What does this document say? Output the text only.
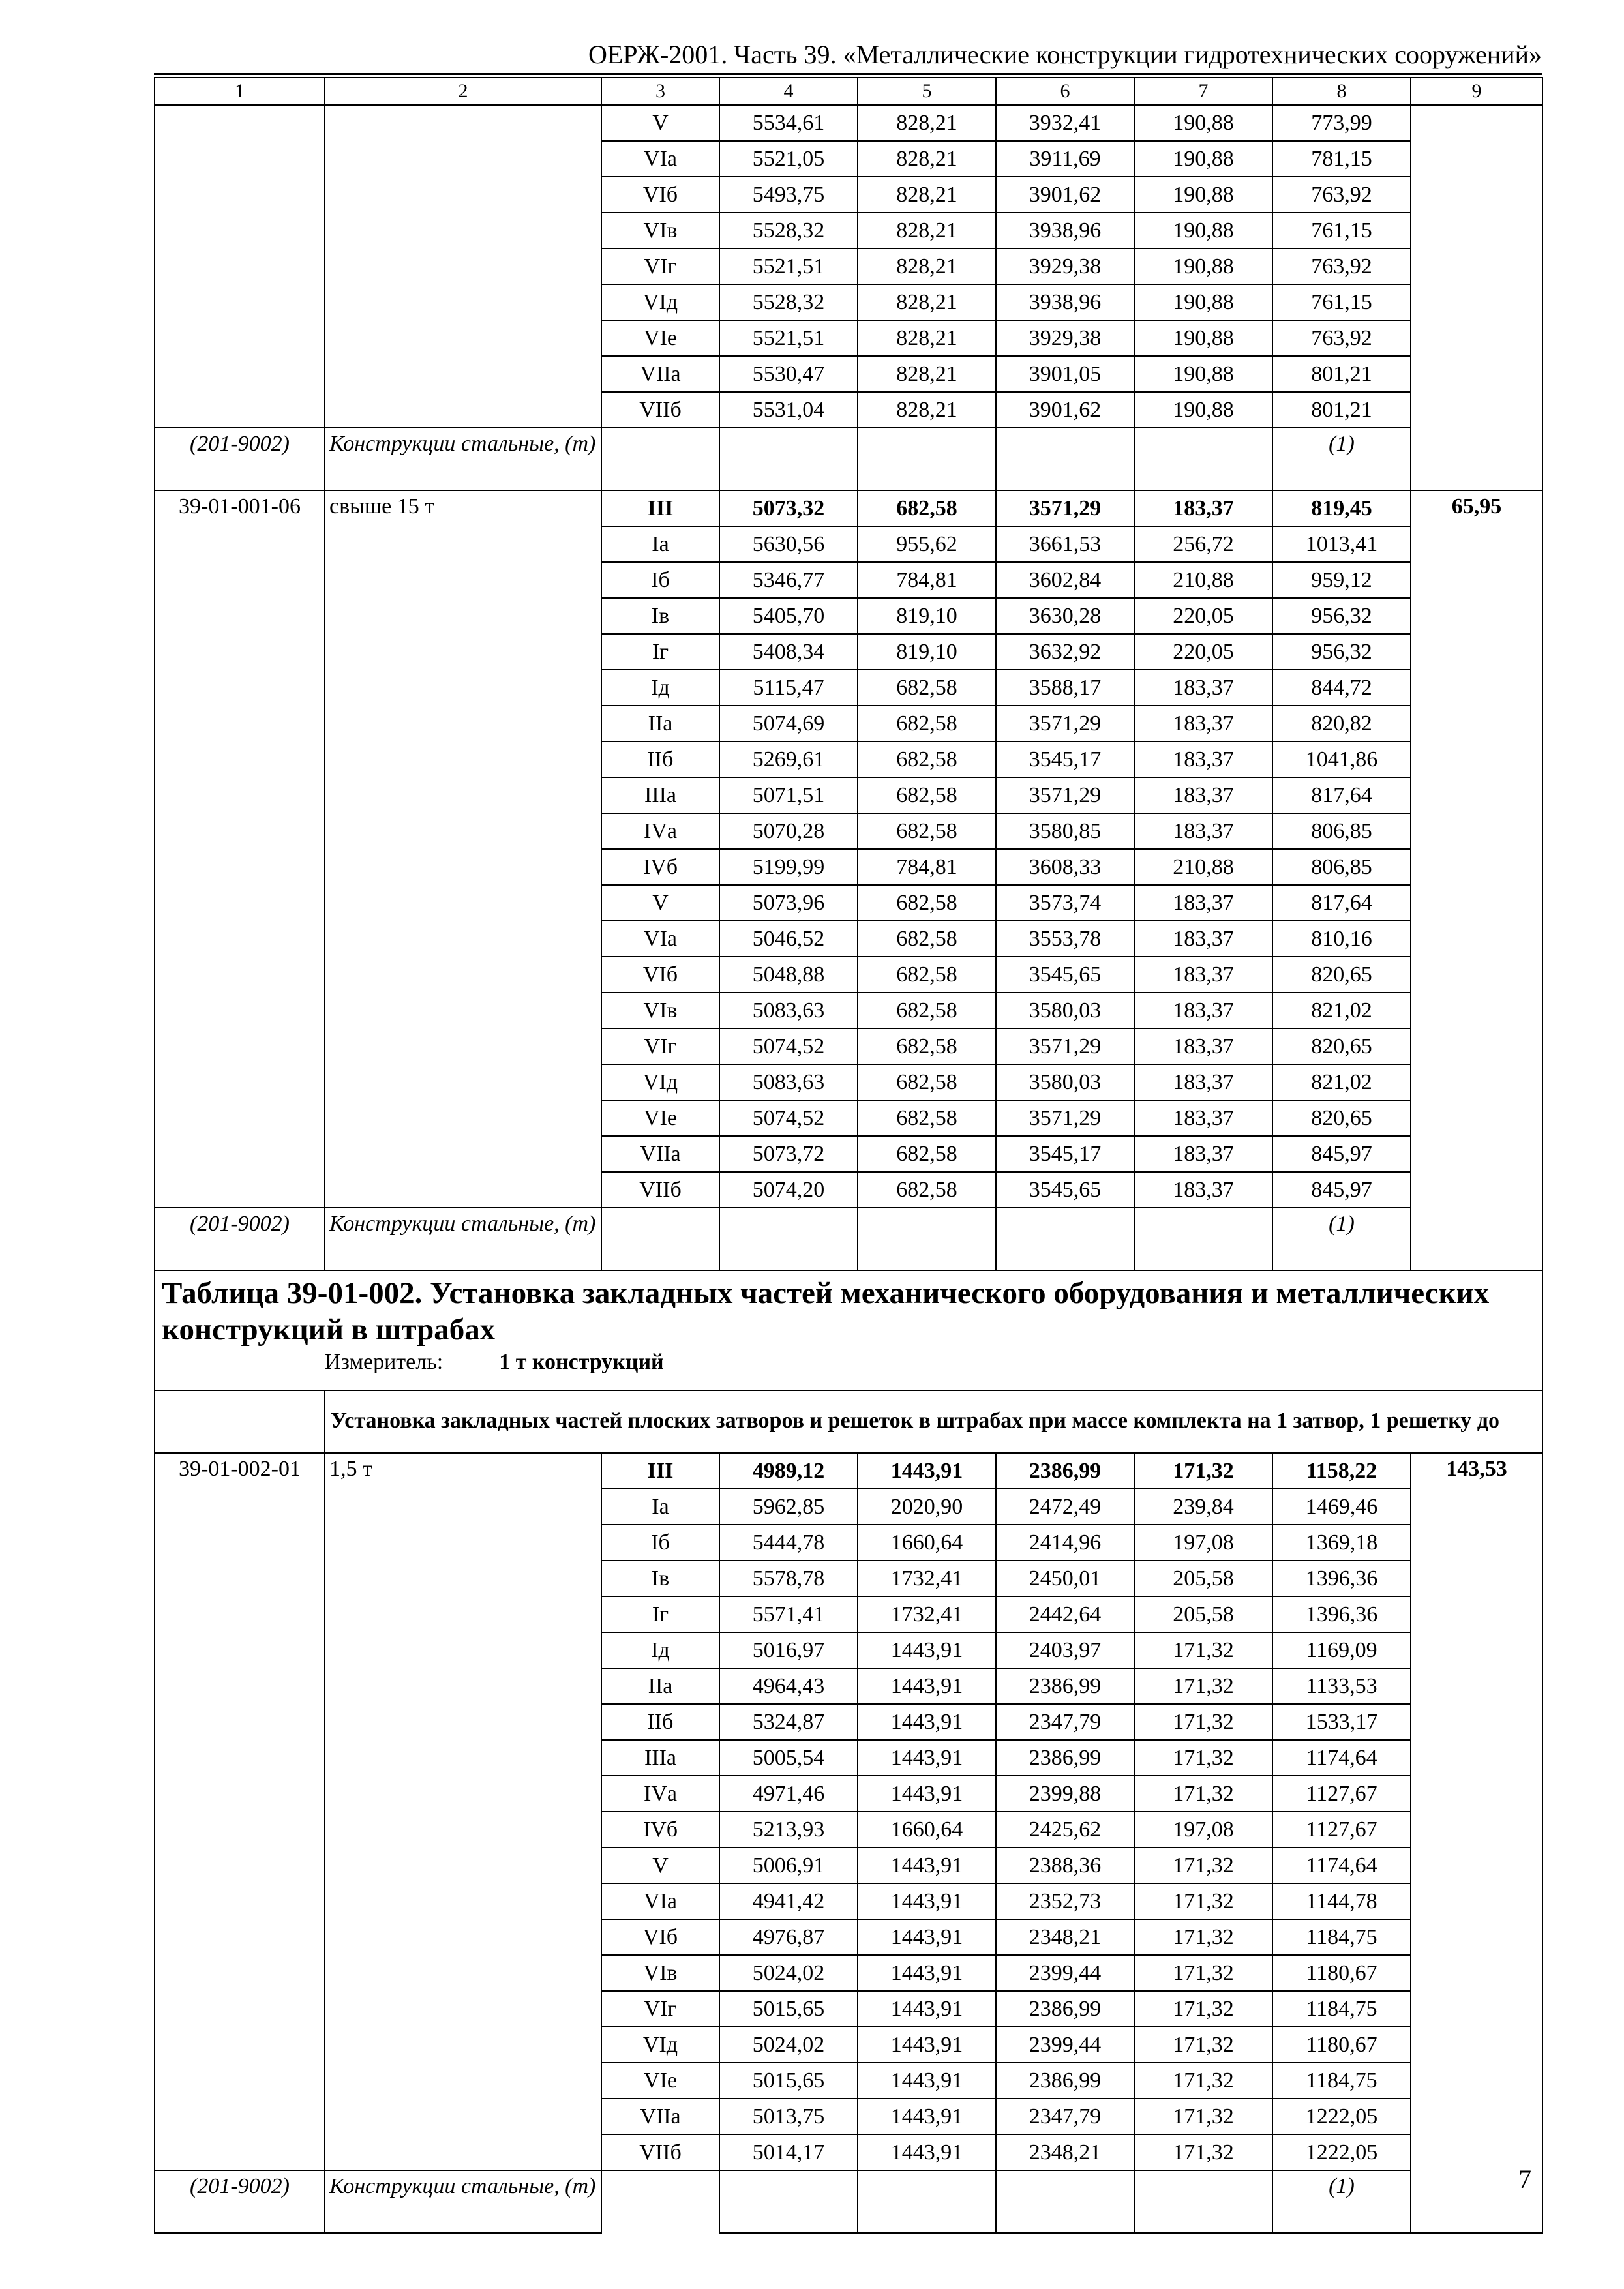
ОЕРЖ-2001. Часть 39. «Металлические конструкции гидротехнических сооружений»
1	2	3	4	5	6	7	8	9
		V	5534,61	828,21	3932,41	190,88	773,99	
		VIа	5521,05	828,21	3911,69	190,88	781,15	
		VIб	5493,75	828,21	3901,62	190,88	763,92	
		VIв	5528,32	828,21	3938,96	190,88	761,15	
		VIг	5521,51	828,21	3929,38	190,88	763,92	
		VIд	5528,32	828,21	3938,96	190,88	761,15	
		VIе	5521,51	828,21	3929,38	190,88	763,92	
		VIIа	5530,47	828,21	3901,05	190,88	801,21	
		VIIб	5531,04	828,21	3901,62	190,88	801,21	
(201-9002)	Конструкции стальные, (т)						(1)	
39-01-001-06	свыше 15 т	III	5073,32	682,58	3571,29	183,37	819,45	65,95
		Iа	5630,56	955,62	3661,53	256,72	1013,41	
		Iб	5346,77	784,81	3602,84	210,88	959,12	
		Iв	5405,70	819,10	3630,28	220,05	956,32	
		Iг	5408,34	819,10	3632,92	220,05	956,32	
		Iд	5115,47	682,58	3588,17	183,37	844,72	
		IIа	5074,69	682,58	3571,29	183,37	820,82	
		IIб	5269,61	682,58	3545,17	183,37	1041,86	
		IIIа	5071,51	682,58	3571,29	183,37	817,64	
		IVа	5070,28	682,58	3580,85	183,37	806,85	
		IVб	5199,99	784,81	3608,33	210,88	806,85	
		V	5073,96	682,58	3573,74	183,37	817,64	
		VIа	5046,52	682,58	3553,78	183,37	810,16	
		VIб	5048,88	682,58	3545,65	183,37	820,65	
		VIв	5083,63	682,58	3580,03	183,37	821,02	
		VIг	5074,52	682,58	3571,29	183,37	820,65	
		VIд	5083,63	682,58	3580,03	183,37	821,02	
		VIе	5074,52	682,58	3571,29	183,37	820,65	
		VIIа	5073,72	682,58	3545,17	183,37	845,97	
		VIIб	5074,20	682,58	3545,65	183,37	845,97	
(201-9002)	Конструкции стальные, (т)						(1)	

Таблица 39-01-002. Установка закладных частей механического оборудования и металлических конструкций в штрабах
Измеритель: 1 т конструкций								

	Установка закладных частей плоских затворов и решеток в штрабах при массе комплекта на 1 затвор, 1 решетку до							
39-01-002-01	1,5 т	III	4989,12	1443,91	2386,99	171,32	1158,22	143,53
		Iа	5962,85	2020,90	2472,49	239,84	1469,46	
		Iб	5444,78	1660,64	2414,96	197,08	1369,18	
		Iв	5578,78	1732,41	2450,01	205,58	1396,36	
		Iг	5571,41	1732,41	2442,64	205,58	1396,36	
		Iд	5016,97	1443,91	2403,97	171,32	1169,09	
		IIа	4964,43	1443,91	2386,99	171,32	1133,53	
		IIб	5324,87	1443,91	2347,79	171,32	1533,17	
		IIIа	5005,54	1443,91	2386,99	171,32	1174,64	
		IVа	4971,46	1443,91	2399,88	171,32	1127,67	
		IVб	5213,93	1660,64	2425,62	197,08	1127,67	
		V	5006,91	1443,91	2388,36	171,32	1174,64	
		VIа	4941,42	1443,91	2352,73	171,32	1144,78	
		VIб	4976,87	1443,91	2348,21	171,32	1184,75	
		VIв	5024,02	1443,91	2399,44	171,32	1180,67	
		VIг	5015,65	1443,91	2386,99	171,32	1184,75	
		VIд	5024,02	1443,91	2399,44	171,32	1180,67	
		VIе	5015,65	1443,91	2386,99	171,32	1184,75	
		VIIа	5013,75	1443,91	2347,79	171,32	1222,05	
		VIIб	5014,17	1443,91	2348,21	171,32	1222,05	
(201-9002)	Конструкции стальные, (т)						(1)		7
